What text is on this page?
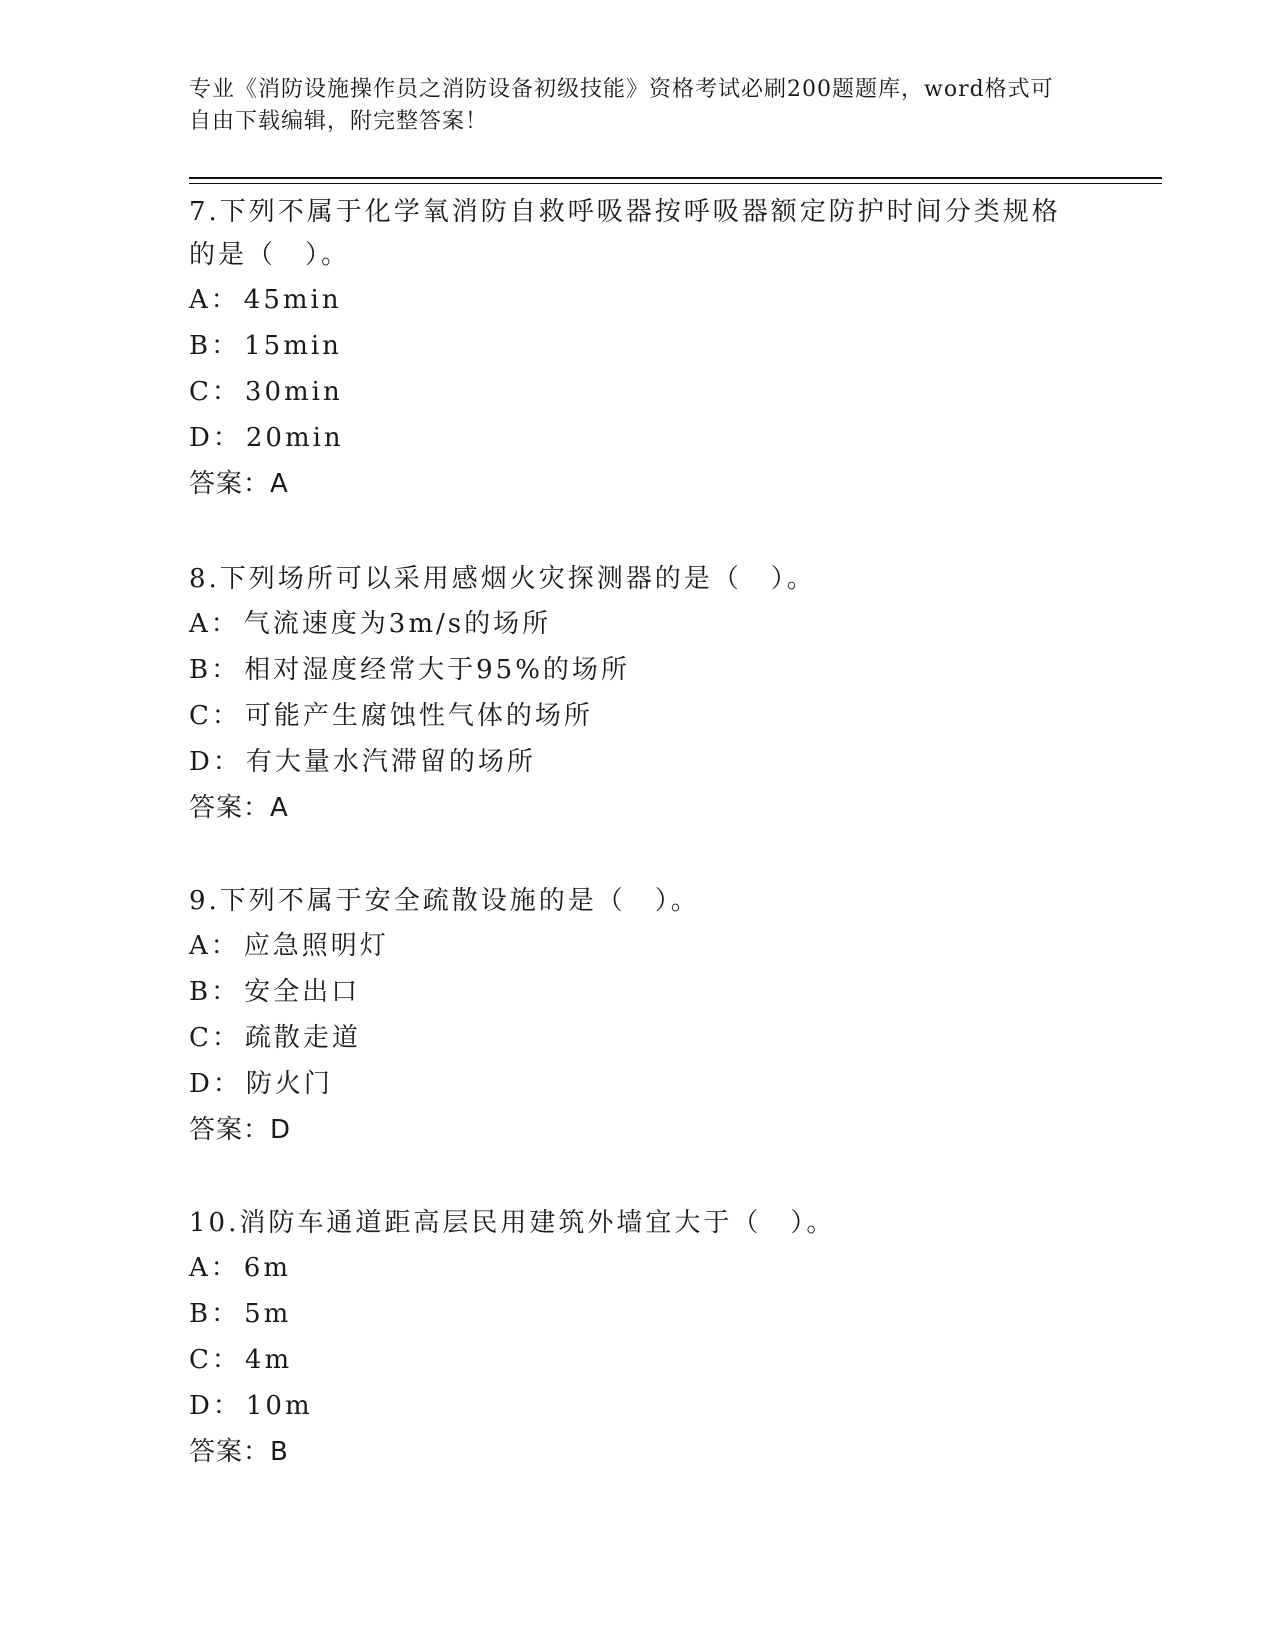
专业《消防设施操作员之消防设备初级技能》资格考试必刷200题题库，word格式可自由下载编辑，附完整答案！
7.下列不属于化学氧消防自救呼吸器按呼吸器额定防护时间分类规格
的是（　）。
A： 45min
B： 15min
C： 30min
D： 20min
答案：A
8.下列场所可以采用感烟火灾探测器的是（　）。
A： 气流速度为3m/s的场所
B： 相对湿度经常大于95%的场所
C： 可能产生腐蚀性气体的场所
D： 有大量水汽滞留的场所
答案：A
9.下列不属于安全疏散设施的是（　）。
A： 应急照明灯
B： 安全出口
C： 疏散走道
D： 防火门
答案：D
10.消防车通道距高层民用建筑外墙宜大于（　）。
A： 6m
B： 5m
C： 4m
D： 10m
答案：B
